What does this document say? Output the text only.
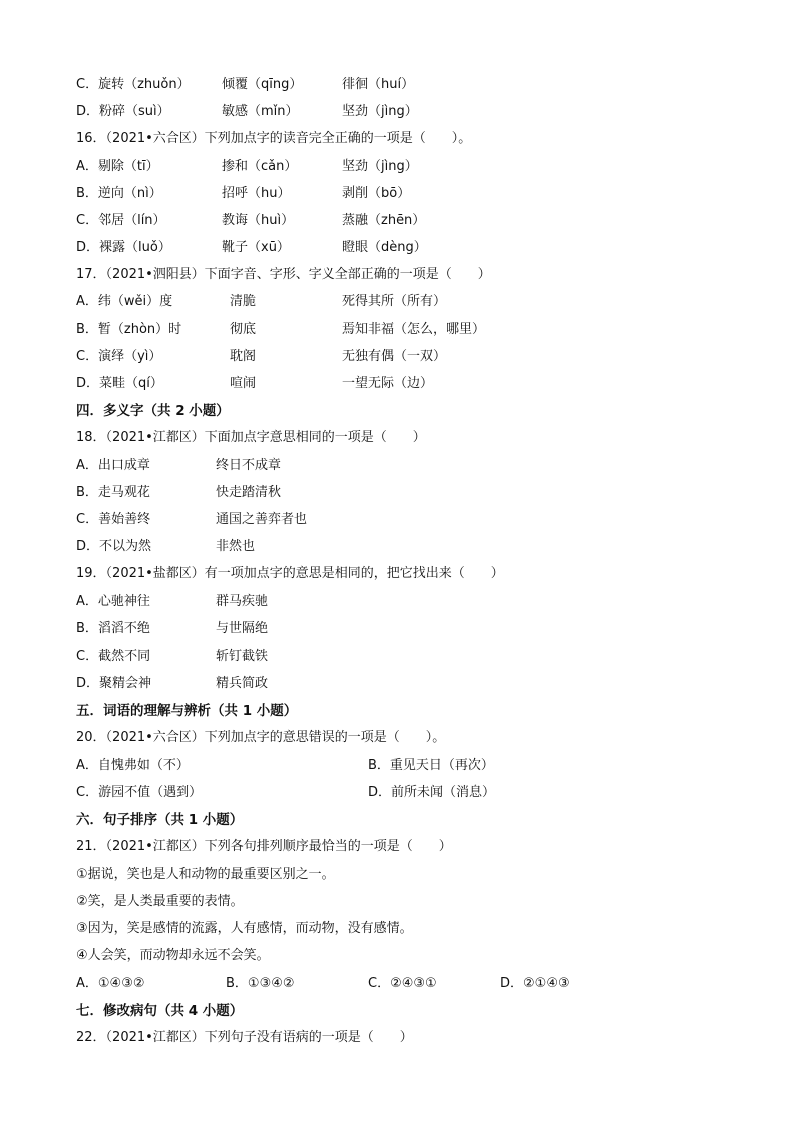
C．旋转（zhuǒn） 倾覆（qīng）	徘徊（huí）
D．粉碎（suì）	敏感（mǐn）	坚劲（jìng）
16．（2021•六合区）下列加点字的读音完全正确的一项是（　　）。
A．剔除（tī）	掺和（cǎn）	坚劲（jìng）
B．逆向（nì）	招呼（hu）	剥削（bō）
C．邻居（lín）	教诲（huì）	蒸融（zhēn）
D．裸露（luǒ）	靴子（xū）	瞪眼（dèng）
17．（2021•泗阳县）下面字音、字形、字义全部正确的一项是（　　）
A．纬（wěi）度	清脆	死得其所（所有）
B．暂（zhòn）时	彻底	焉知非福（怎么，哪里）
C．演绎（yì）	耽阁	无独有偶（一双）
D．菜畦（qí）	喧闹	一望无际（边）
四．多义字（共 2 小题）
18．（2021•江都区）下面加点字意思相同的一项是（　　）
A．出口成章	终日不成章
B．走马观花	快走踏清秋
C．善始善终	通国之善弈者也
D．不以为然	非然也
19．（2021•盐都区）有一项加点字的意思是相同的，把它找出来（　　）
A．心驰神往	群马疾驰
B．滔滔不绝	与世隔绝
C．截然不同	斩钉截铁
D．聚精会神	精兵简政
五．词语的理解与辨析（共 1 小题）
20．（2021•六合区）下列加点字的意思错误的一项是（　　）。
A．自愧弗如（不）	B．重见天日（再次）
C．游园不值（遇到）	D．前所未闻（消息）
六．句子排序（共 1 小题）
21．（2021•江都区）下列各句排列顺序最恰当的一项是（　　）
①据说，笑也是人和动物的最重要区别之一。
②笑，是人类最重要的表情。
③因为，笑是感情的流露，人有感情，而动物，没有感情。
④人会笑，而动物却永远不会笑。
A．①④③②	B．①③④②	C．②④③①	D．②①④③
七．修改病句（共 4 小题）
22．（2021•江都区）下列句子没有语病的一项是（　　）
